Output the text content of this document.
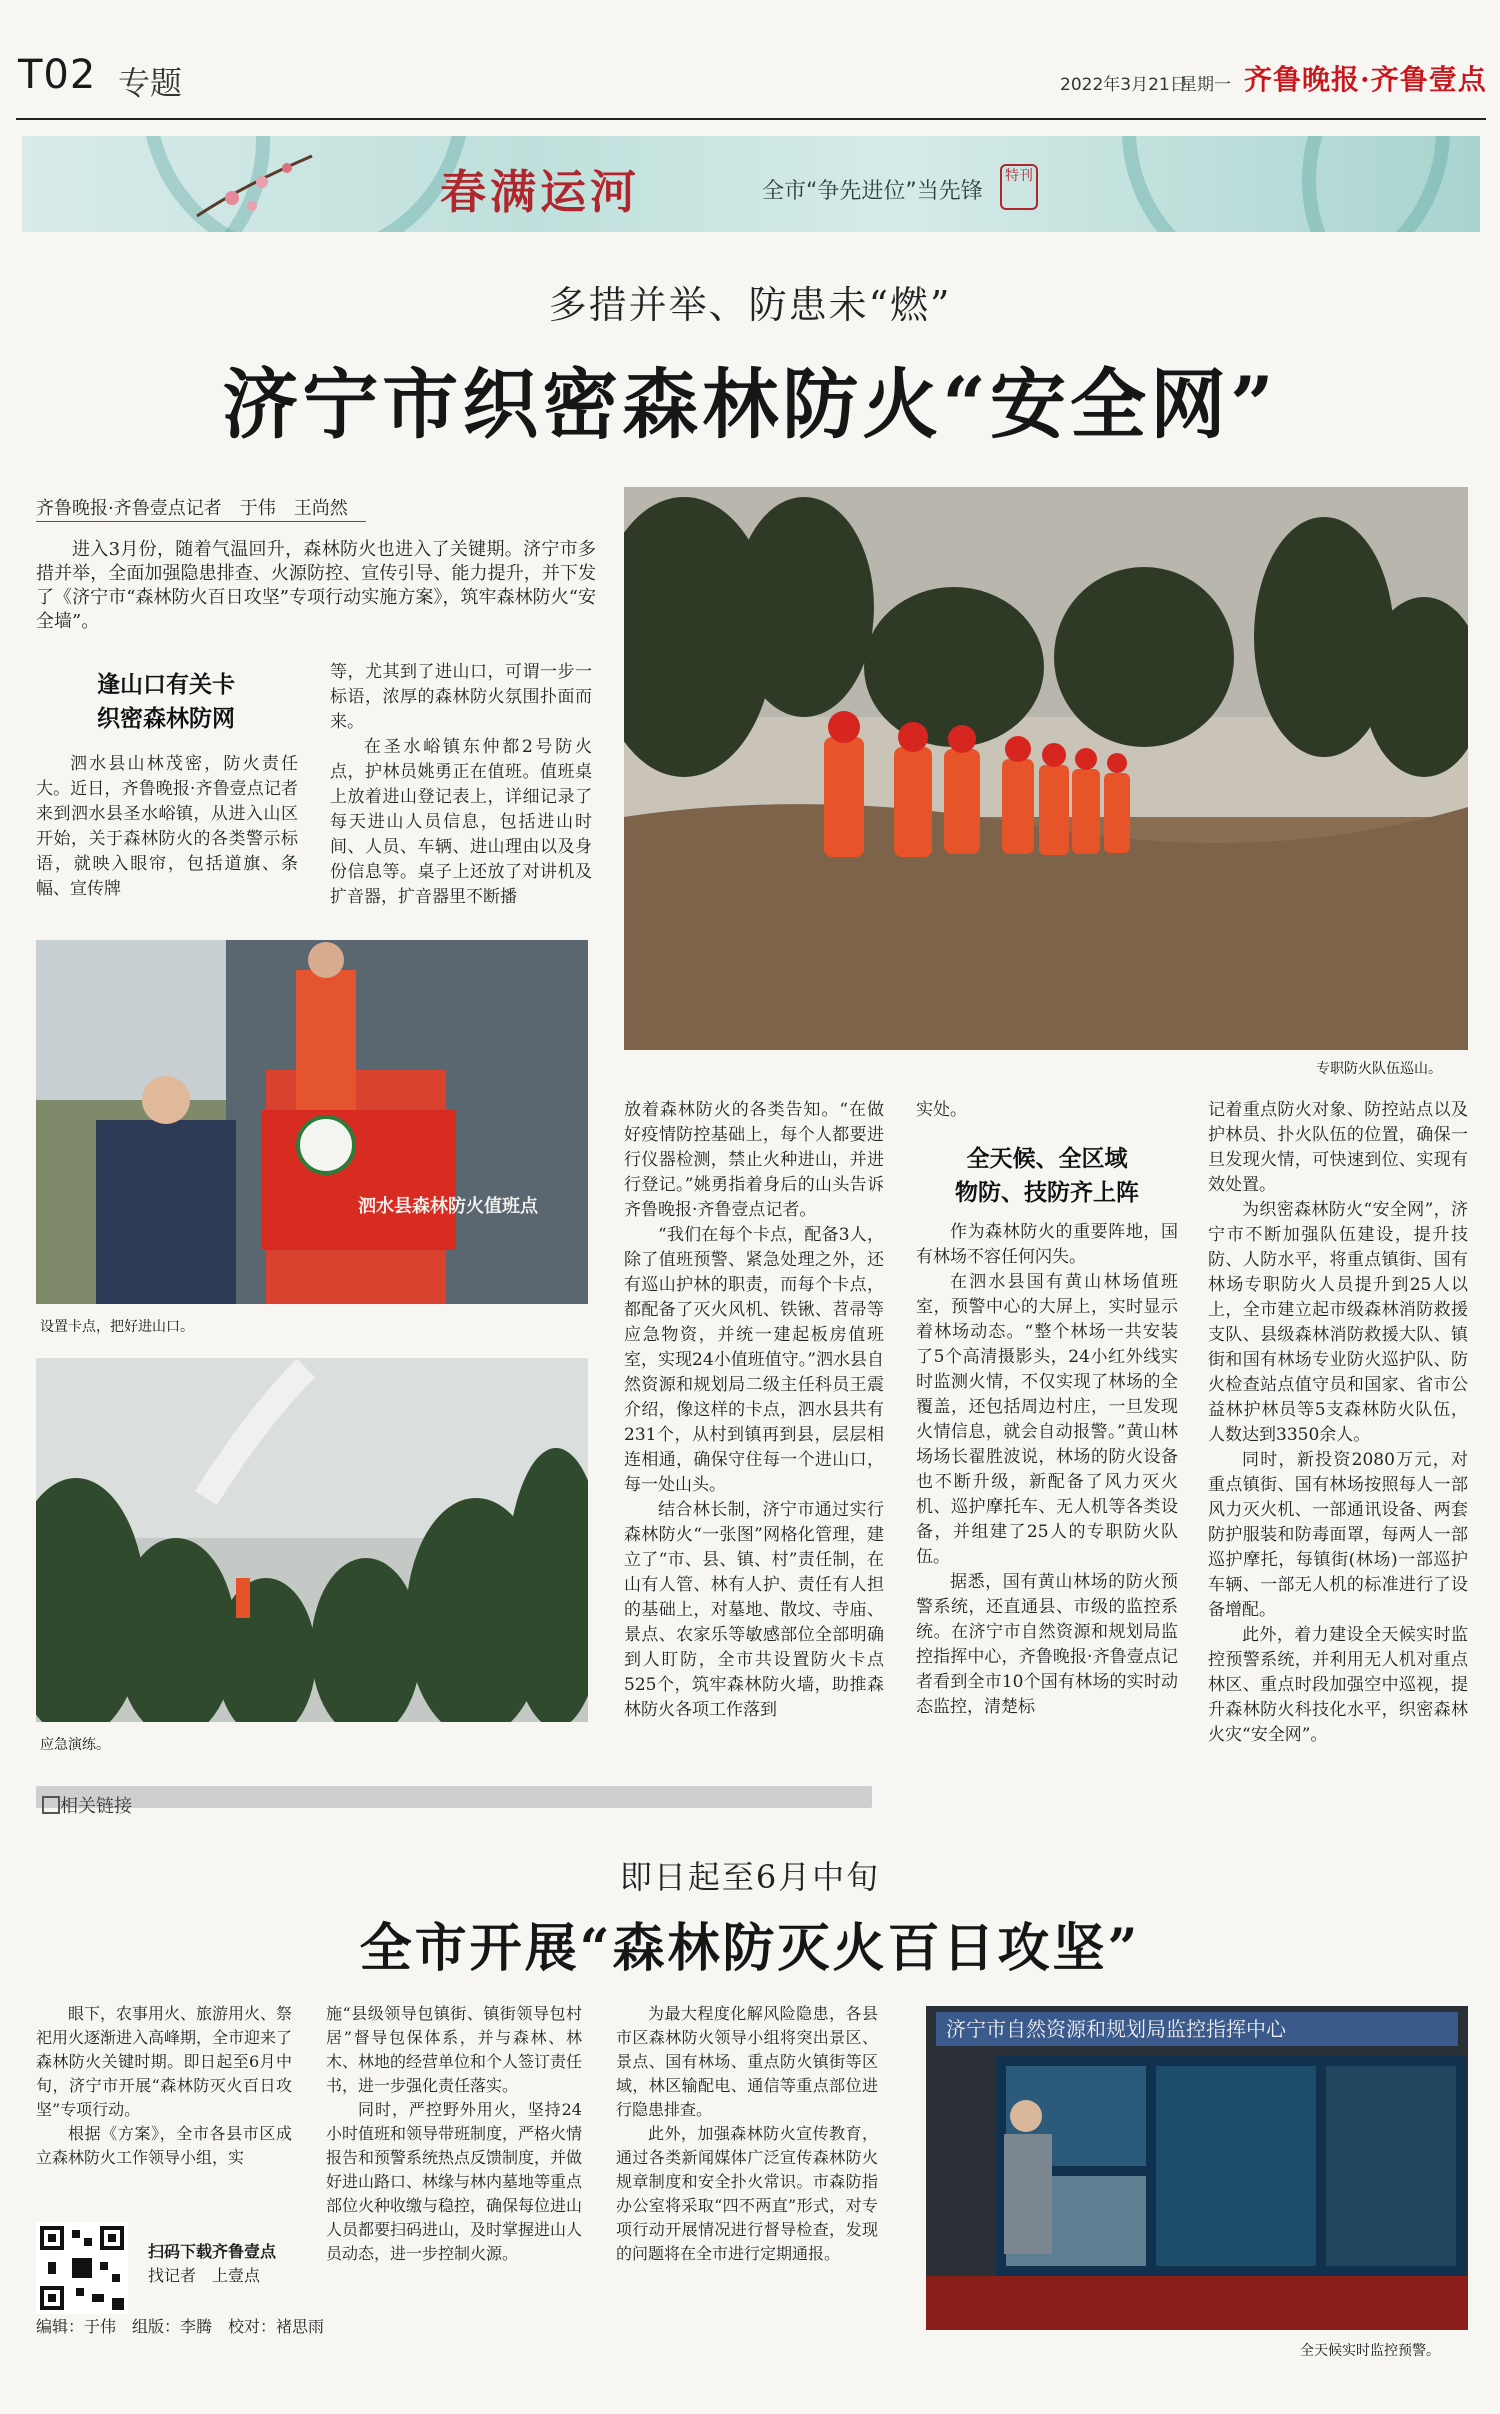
T02 专题	2022年3月21日
星期一 齐鲁晚报·齐鲁壹点
春满运河	全市“争先进位”当先锋
特刊
多措并举、防患未“燃”
济宁市织密森林防火“安全网”
齐鲁晚报·齐鲁壹点记者　于伟　王尚然

进入3月份，随着气温回升，森林防火也进入了关键期。济宁市多措并举，全面加强隐患排查、火源防控、宣传引导、能力提升，并下发了《济宁市“森林防火百日攻坚”专项行动实施方案》，筑牢森林防火“安全墙”。

逢山口有关卡
织密森林防网

泗水县山林茂密，防火责任大。近日，齐鲁晚报·齐鲁壹点记者来到泗水县圣水峪镇，从进入山区开始，关于森林防火的各类警示标语，就映入眼帘，包括道旗、条幅、宣传牌

等，尤其到了进山口，可谓一步一标语，浓厚的森林防火氛围扑面而来。

在圣水峪镇东仲都2号防火点，护林员姚勇正在值班。值班桌上放着进山登记表上，详细记录了每天进山人员信息，包括进山时间、人员、车辆、进山理由以及身份信息等。桌子上还放了对讲机及扩音器，扩音器里不断播

专职防火队伍巡山。
泗水县森林防火值班点
设置卡点，把好进山口。
应急演练。

放着森林防火的各类告知。“在做好疫情防控基础上，每个人都要进行仪器检测，禁止火种进山，并进行登记。”姚勇指着身后的山头告诉齐鲁晚报·齐鲁壹点记者。

“我们在每个卡点，配备3人，除了值班预警、紧急处理之外，还有巡山护林的职责，而每个卡点，都配备了灭火风机、铁锹、苕帚等应急物资，并统一建起板房值班室，实现24小值班值守。”泗水县自然资源和规划局二级主任科员王震介绍，像这样的卡点，泗水县共有231个，从村到镇再到县，层层相连相通，确保守住每一个进山口，每一处山头。

结合林长制，济宁市通过实行森林防火“一张图”网格化管理，建立了“市、县、镇、村”责任制，在山有人管、林有人护、责任有人担的基础上，对墓地、散坟、寺庙、景点、农家乐等敏感部位全部明确到人盯防，全市共设置防火卡点525个，筑牢森林防火墙，助推森林防火各项工作落到

实处。

全天候、全区域
物防、技防齐上阵

作为森林防火的重要阵地，国有林场不容任何闪失。

在泗水县国有黄山林场值班室，预警中心的大屏上，实时显示着林场动态。“整个林场一共安装了5个高清摄影头，24小红外线实时监测火情，不仅实现了林场的全覆盖，还包括周边村庄，一旦发现火情信息，就会自动报警。”黄山林场场长翟胜波说，林场的防火设备也不断升级，新配备了风力灭火机、巡护摩托车、无人机等各类设备，并组建了25人的专职防火队伍。

据悉，国有黄山林场的防火预警系统，还直通县、市级的监控系统。在济宁市自然资源和规划局监控指挥中心，齐鲁晚报·齐鲁壹点记者看到全市10个国有林场的实时动态监控，清楚标

记着重点防火对象、防控站点以及护林员、扑火队伍的位置，确保一旦发现火情，可快速到位、实现有效处置。

为织密森林防火“安全网”，济宁市不断加强队伍建设，提升技防、人防水平，将重点镇街、国有林场专职防火人员提升到25人以上，全市建立起市级森林消防救援支队、县级森林消防救援大队、镇街和国有林场专业防火巡护队、防火检查站点值守员和国家、省市公益林护林员等5支森林防火队伍，人数达到3350余人。

同时，新投资2080万元，对重点镇街、国有林场按照每人一部风力灭火机、一部通讯设备、两套防护服装和防毒面罩，每两人一部巡护摩托，每镇街(林场)一部巡护车辆、一部无人机的标准进行了设备增配。

此外，着力建设全天候实时监控预警系统，并利用无人机对重点林区、重点时段加强空中巡视，提升森林防火科技化水平，织密森林火灾“安全网”。

相关链接
即日起至6月中旬
全市开展“森林防灭火百日攻坚”

眼下，农事用火、旅游用火、祭祀用火逐渐进入高峰期，全市迎来了森林防火关键时期。即日起至6月中旬，济宁市开展“森林防灭火百日攻坚”专项行动。

根据《方案》，全市各县市区成立森林防火工作领导小组，实

施“县级领导包镇街、镇街领导包村居”督导包保体系，并与森林、林木、林地的经营单位和个人签订责任书，进一步强化责任落实。

同时，严控野外用火，坚持24小时值班和领导带班制度，严格火情报告和预警系统热点反馈制度，并做好进山路口、林缘与林内墓地等重点部位火种收缴与稳控，确保每位进山人员都要扫码进山，及时掌握进山人员动态，进一步控制火源。

为最大程度化解风险隐患，各县市区森林防火领导小组将突出景区、景点、国有林场、重点防火镇街等区域，林区输配电、通信等重点部位进行隐患排查。

此外，加强森林防火宣传教育，通过各类新闻媒体广泛宣传森林防火规章制度和安全扑火常识。市森防指办公室将采取“四不两直”形式，对专项行动开展情况进行督导检查，发现的问题将在全市进行定期通报。

济宁市自然资源和规划局监控指挥中心
全天候实时监控预警。
扫码下载齐鲁壹点
找记者　上壹点
编辑：于伟　组版：李腾　校对：褚思雨
